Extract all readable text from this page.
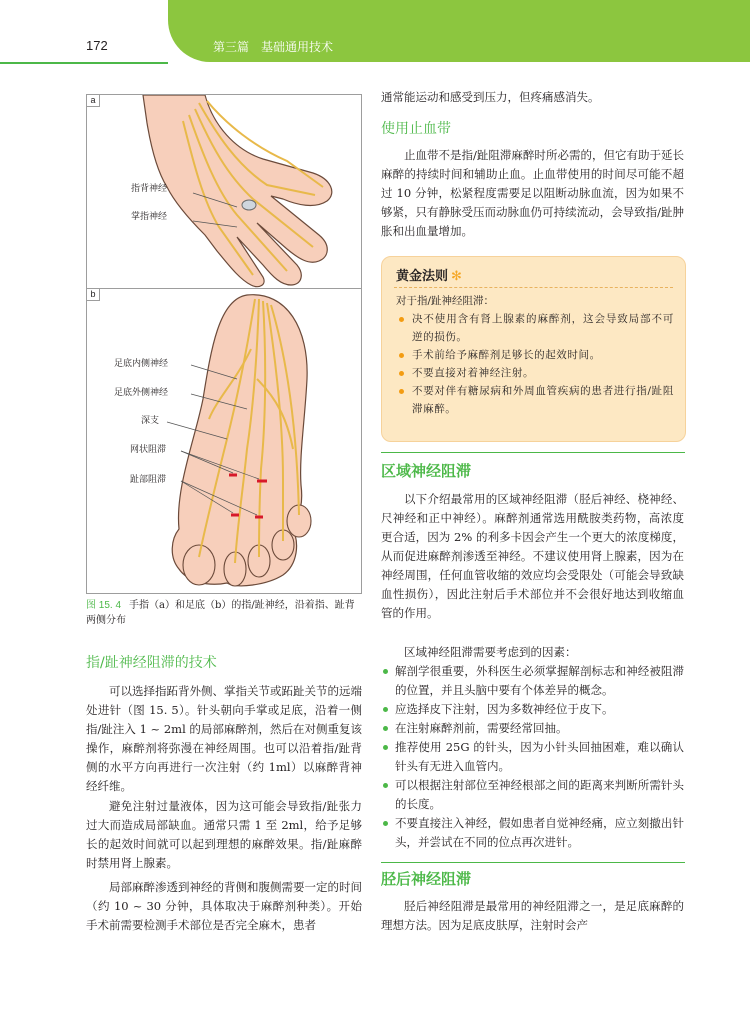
172	第三篇　基础通用技术
a
指背神经
掌指神经
b
足底内侧神经
足底外侧神经
深支
网状阻滞
趾部阻滞
图 15. 4 手指（a）和足底（b）的指/趾神经，沿着指、趾背两侧分布
指/趾神经阻滞的技术

可以选择指跖背外侧、掌指关节或跖趾关节的远端处进针（图 15. 5）。针头朝向手掌或足底，沿着一侧指/趾注入 1 ~ 2ml 的局部麻醉剂，然后在对侧重复该操作，麻醉剂将弥漫在神经周围。也可以沿着指/趾背侧的水平方向再进行一次注射（约 1ml）以麻醉背神经纤维。

避免注射过量液体，因为这可能会导致指/趾张力过大而造成局部缺血。通常只需 1 至 2ml，给予足够长的起效时间就可以起到理想的麻醉效果。指/趾麻醉时禁用肾上腺素。

局部麻醉渗透到神经的背侧和腹侧需要一定的时间（约 10 ~ 30 分钟，具体取决于麻醉剂种类）。开始手术前需要检测手术部位是否完全麻木，患者

通常能运动和感受到压力，但疼痛感消失。

使用止血带

止血带不是指/趾阻滞麻醉时所必需的，但它有助于延长麻醉的持续时间和辅助止血。止血带使用的时间尽可能不超过 10 分钟，松紧程度需要足以阻断动脉血流，因为如果不够紧，只有静脉受压而动脉血仍可持续流动，会导致指/趾肿胀和出血量增加。

黄金法则 ✻
对于指/趾神经阻滞：
决不使用含有肾上腺素的麻醉剂，这会导致局部不可逆的损伤。
手术前给予麻醉剂足够长的起效时间。
不要直接对着神经注射。
不要对伴有糖尿病和外周血管疾病的患者进行指/趾阻滞麻醉。
区域神经阻滞

以下介绍最常用的区域神经阻滞（胫后神经、桡神经、尺神经和正中神经）。麻醉剂通常选用酰胺类药物，高浓度更合适，因为 2% 的利多卡因会产生一个更大的浓度梯度，从而促进麻醉剂渗透至神经。不建议使用肾上腺素，因为在神经周围，任何血管收缩的效应均会受限处（可能会导致缺血性损伤），因此注射后手术部位并不会很好地达到收缩血管的作用。

区域神经阻滞需要考虑到的因素：

解剖学很重要，外科医生必须掌握解剖标志和神经被阻滞的位置，并且头脑中要有个体差异的概念。
应选择皮下注射，因为多数神经位于皮下。
在注射麻醉剂前，需要经常回抽。
推荐使用 25G 的针头，因为小针头回抽困难，难以确认针头有无进入血管内。
可以根据注射部位至神经根部之间的距离来判断所需针头的长度。
不要直接注入神经，假如患者自觉神经痛，应立刻撤出针头，并尝试在不同的位点再次进针。
胫后神经阻滞

胫后神经阻滞是最常用的神经阻滞之一，是足底麻醉的理想方法。因为足底皮肤厚，注射时会产
